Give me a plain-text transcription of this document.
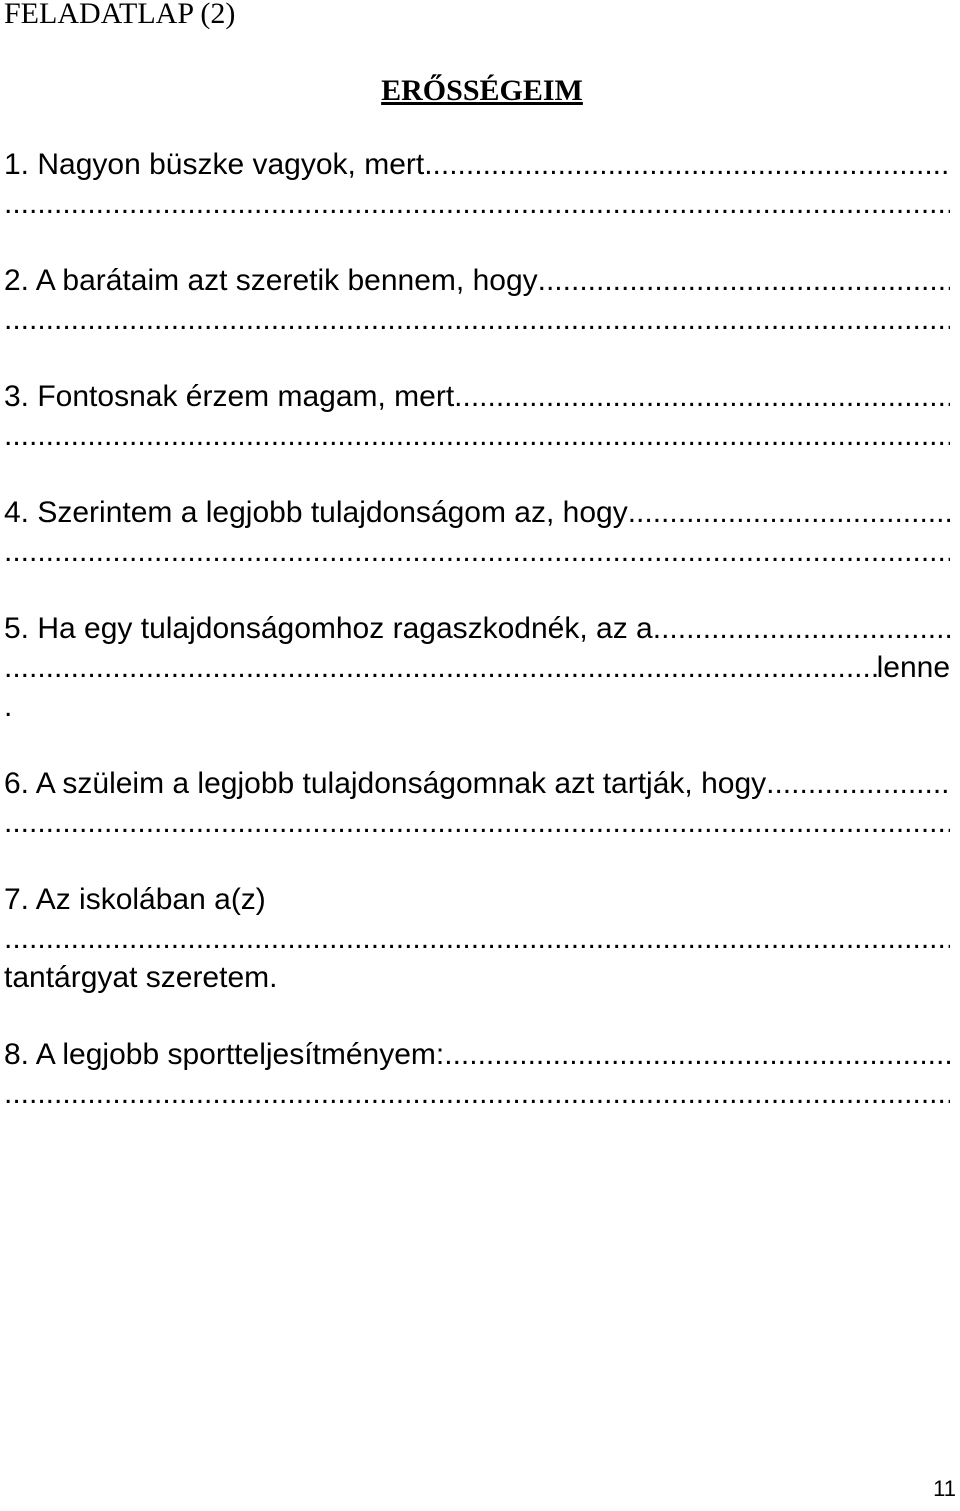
FELADATLAP (2)
ERŐSSÉGEIM
1. Nagyon büszke vagyok, mert
.....
.....
2. A barátaim azt szeretik bennem, hogy
.....
.....
3. Fontosnak érzem magam, mert
.....
.....
4. Szerintem a legjobb tulajdonságom az, hogy
.....
.....
5. Ha egy tulajdonságomhoz ragaszkodnék, az a
.....
.....
lenne
.
6. A szüleim a legjobb tulajdonságomnak azt tartják, hogy
.....
.....
7. Az iskolában a(z)
.....
tantárgyat szeretem.
8. A legjobb sportteljesítményem:
.....
.....
11
